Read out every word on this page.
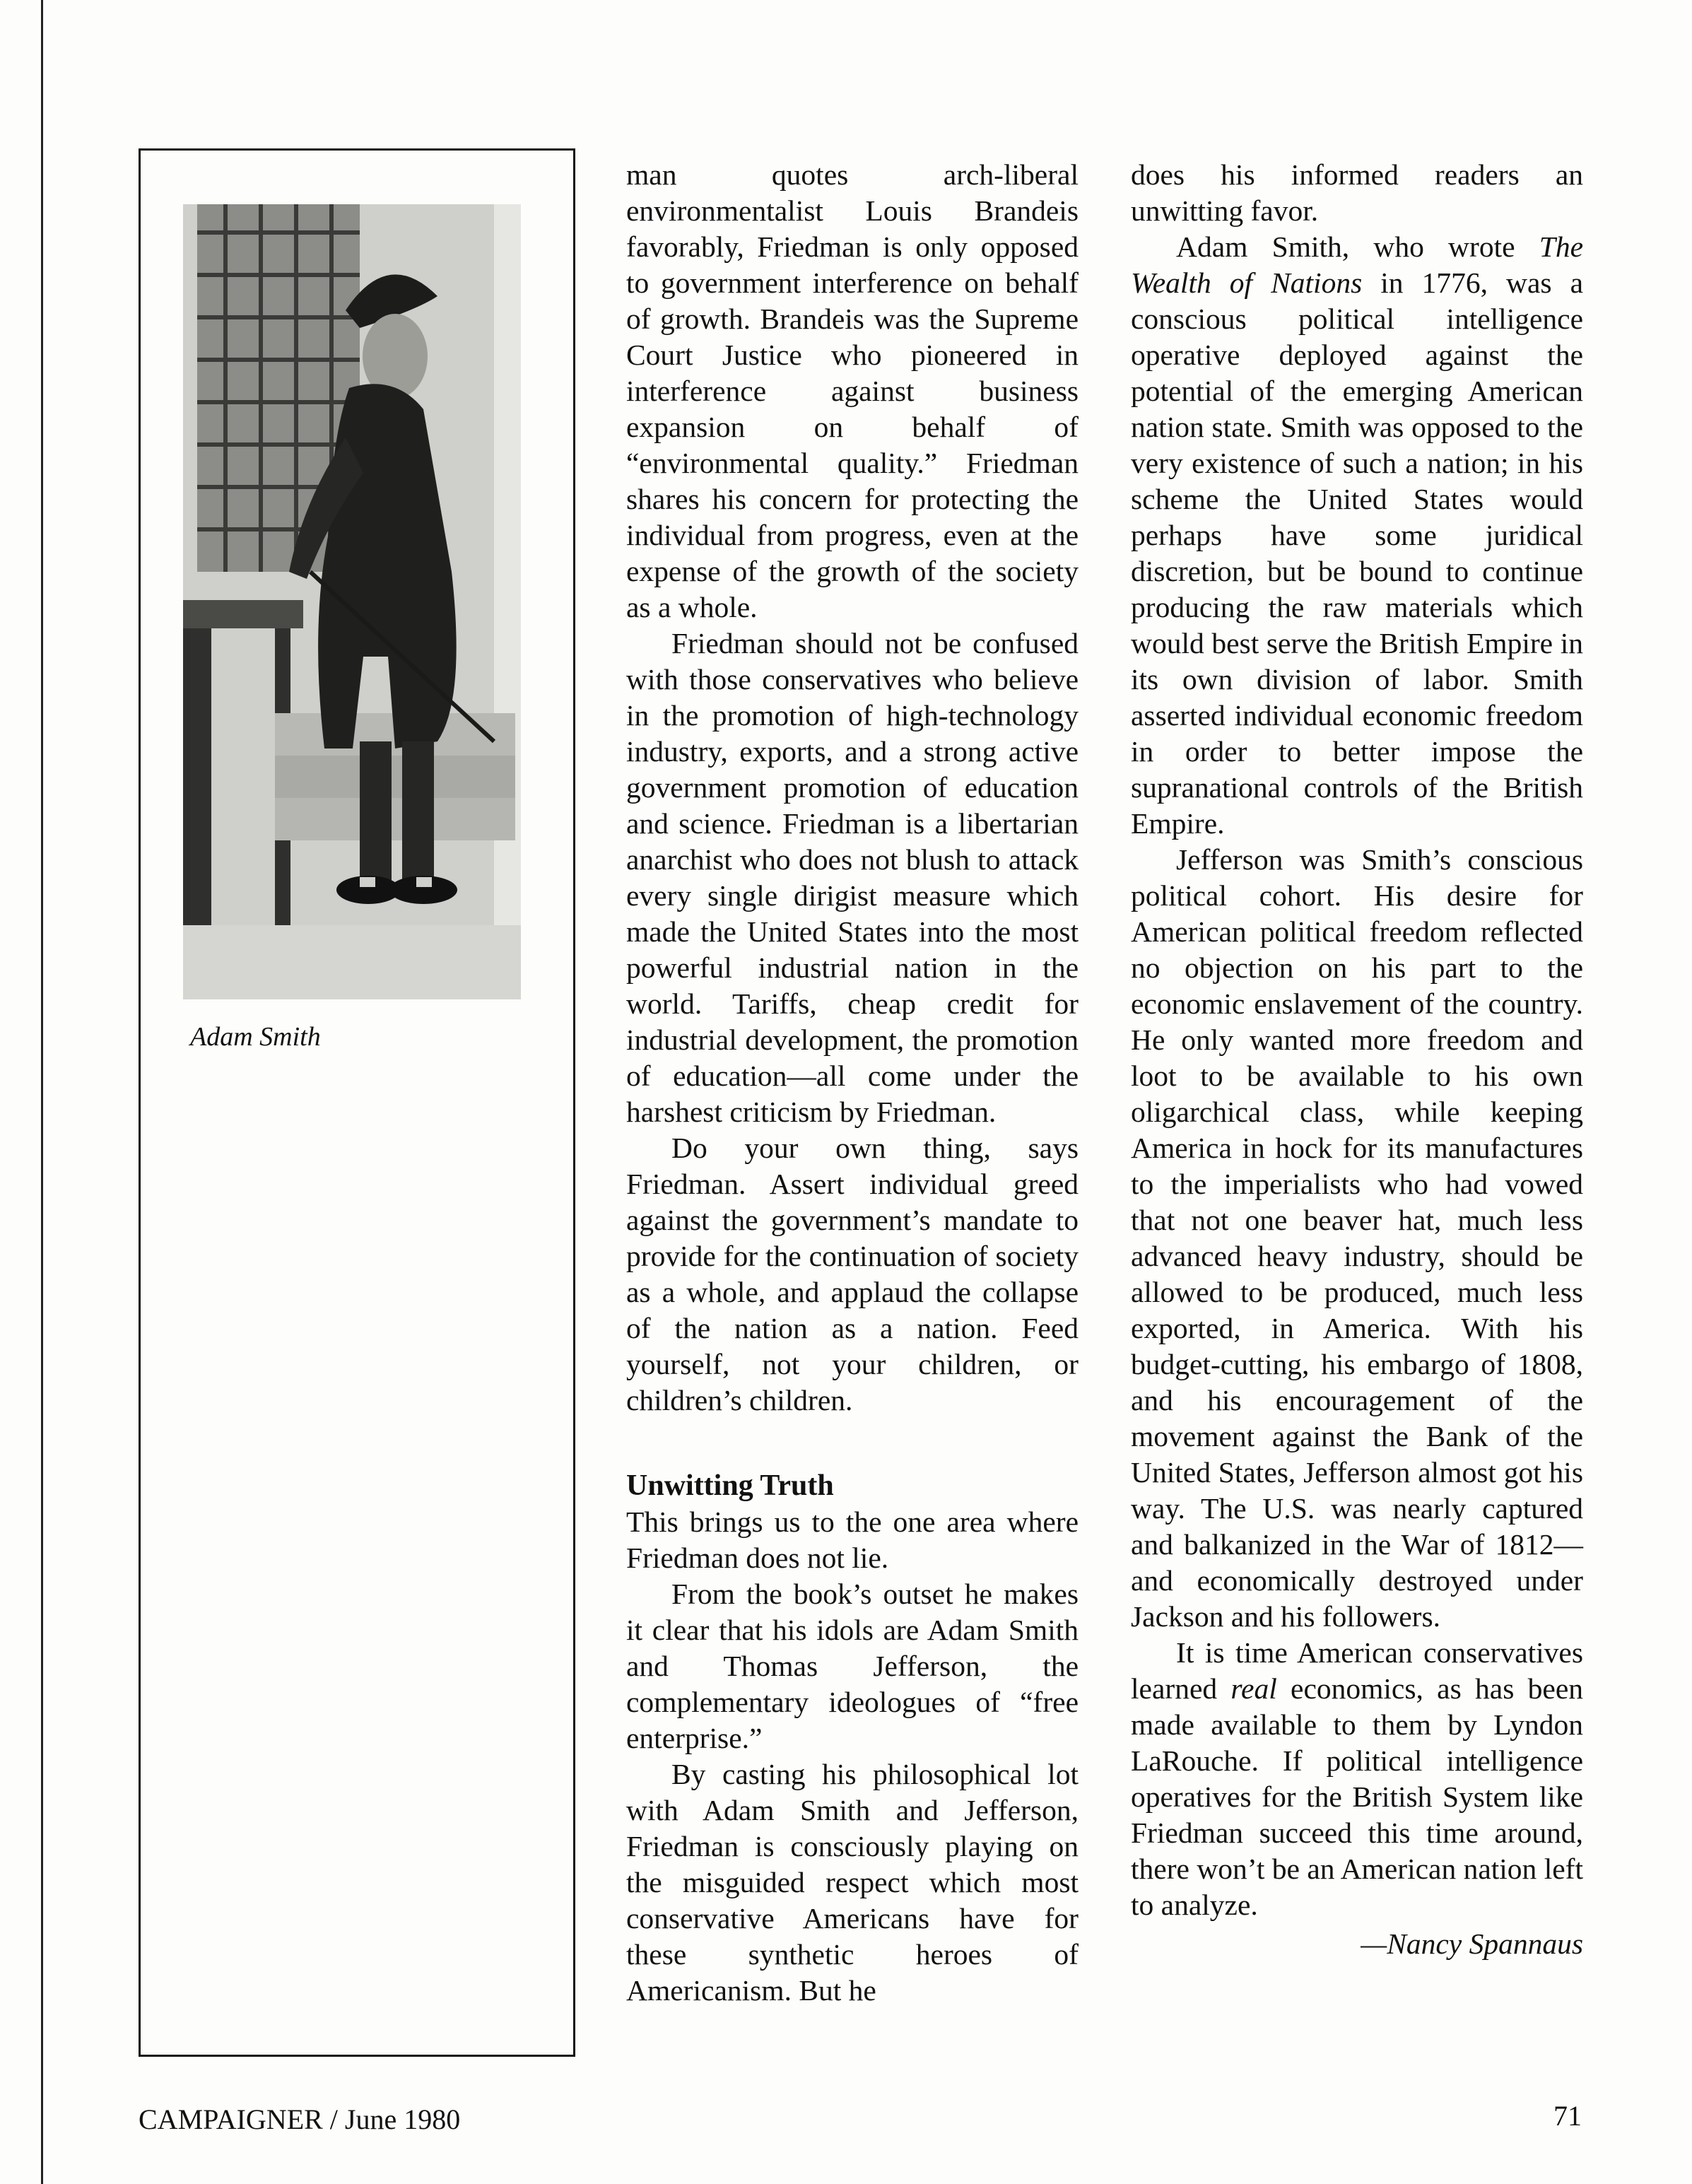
Adam Smith

man quotes arch-liberal environmentalist Louis Brandeis favorably, Friedman is only opposed to government interference on behalf of growth. Brandeis was the Supreme Court Justice who pioneered in interference against business expansion on behalf of “environmental quality.” Friedman shares his concern for protecting the individual from progress, even at the expense of the growth of the society as a whole.

Friedman should not be confused with those conservatives who believe in the promotion of high-technology industry, exports, and a strong active government promotion of education and science. Friedman is a libertarian anarchist who does not blush to attack every single dirigist measure which made the United States into the most powerful industrial nation in the world. Tariffs, cheap credit for industrial development, the promotion of education—all come under the harshest criticism by Friedman.

Do your own thing, says Friedman. Assert individual greed against the government’s mandate to provide for the continuation of society as a whole, and applaud the collapse of the nation as a nation. Feed yourself, not your children, or children’s children.

Unwitting Truth

This brings us to the one area where Friedman does not lie.

From the book’s outset he makes it clear that his idols are Adam Smith and Thomas Jefferson, the complementary ideologues of “free enterprise.”

By casting his philosophical lot with Adam Smith and Jefferson, Friedman is consciously playing on the misguided respect which most conservative Americans have for these synthetic heroes of Americanism. But he

does his informed readers an unwitting favor.

Adam Smith, who wrote The Wealth of Nations in 1776, was a conscious political intelligence operative deployed against the potential of the emerging American nation state. Smith was opposed to the very existence of such a nation; in his scheme the United States would perhaps have some juridical discretion, but be bound to continue producing the raw materials which would best serve the British Empire in its own division of labor. Smith asserted individual economic freedom in order to better impose the supranational controls of the British Empire.

Jefferson was Smith’s conscious political cohort. His desire for American political freedom reflected no objection on his part to the economic enslavement of the country. He only wanted more freedom and loot to be available to his own oligarchical class, while keeping America in hock for its manufactures to the imperialists who had vowed that not one beaver hat, much less advanced heavy industry, should be allowed to be produced, much less exported, in America. With his budget-cutting, his embargo of 1808, and his encouragement of the movement against the Bank of the United States, Jefferson almost got his way. The U.S. was nearly captured and balkanized in the War of 1812—and economically destroyed under Jackson and his followers.

It is time American conservatives learned real economics, as has been made available to them by Lyndon LaRouche. If political intelligence operatives for the British System like Friedman succeed this time around, there won’t be an American nation left to analyze.

—Nancy Spannaus
CAMPAIGNER / June 1980	71
